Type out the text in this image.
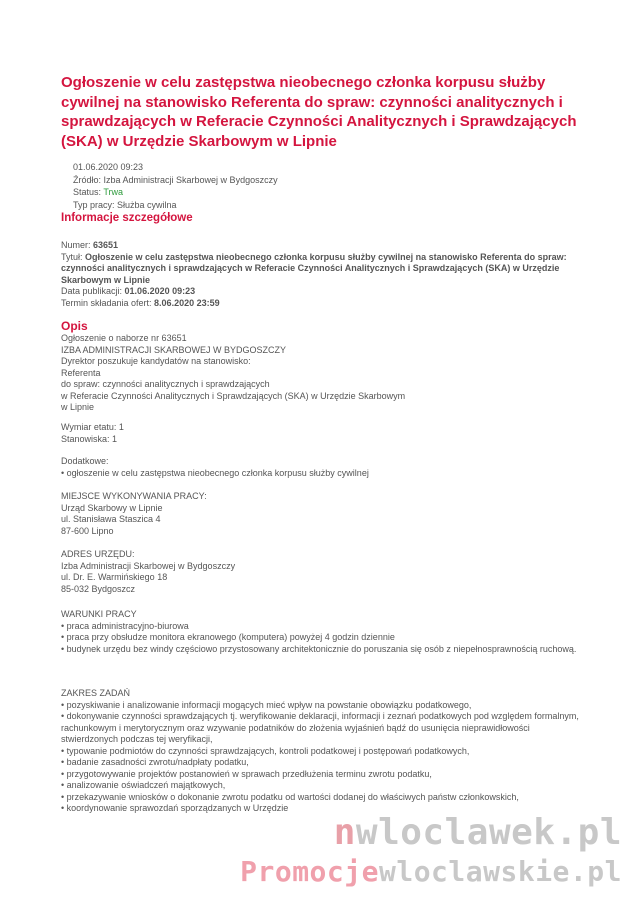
Ogłoszenie w celu zastępstwa nieobecnego członka korpusu służby cywilnej na stanowisko Referenta do spraw: czynności analitycznych i sprawdzających w Referacie Czynności Analitycznych i Sprawdzających (SKA) w Urzędzie Skarbowym w Lipnie
01.06.2020 09:23
Źródło: Izba Administracji Skarbowej w Bydgoszczy
Status: Trwa
Typ pracy: Służba cywilna
Informacje szczegółowe
Numer: 63651
Tytuł: Ogłoszenie w celu zastępstwa nieobecnego członka korpusu służby cywilnej na stanowisko Referenta do spraw: czynności analitycznych i sprawdzających w Referacie Czynności Analitycznych i Sprawdzających (SKA) w Urzędzie Skarbowym w Lipnie
Data publikacji: 01.06.2020 09:23
Termin składania ofert: 8.06.2020 23:59
Opis
Ogłoszenie o naborze nr 63651
IZBA ADMINISTRACJI SKARBOWEJ W BYDGOSZCZY
Dyrektor poszukuje kandydatów na stanowisko:
Referenta
do spraw: czynności analitycznych i sprawdzających
w Referacie Czynności Analitycznych i Sprawdzających (SKA) w Urzędzie Skarbowym
w Lipnie
Wymiar etatu: 1
Stanowiska: 1
Dodatkowe:
• ogłoszenie w celu zastępstwa nieobecnego członka korpusu służby cywilnej
MIEJSCE WYKONYWANIA PRACY:
Urząd Skarbowy w Lipnie
ul. Stanisława Staszica 4
87-600 Lipno
ADRES URZĘDU:
Izba Administracji Skarbowej w Bydgoszczy
ul. Dr. E. Warmińskiego 18
85-032 Bydgoszcz
WARUNKI PRACY
• praca administracyjno-biurowa
• praca przy obsłudze monitora ekranowego (komputera) powyżej 4 godzin dziennie
• budynek urzędu bez windy częściowo przystosowany architektonicznie do poruszania się osób z niepełnosprawnością ruchową.
ZAKRES ZADAŃ
• pozyskiwanie i analizowanie informacji mogących mieć wpływ na powstanie obowiązku podatkowego,
• dokonywanie czynności sprawdzających tj. weryfikowanie deklaracji, informacji i zeznań podatkowych pod względem formalnym, rachunkowym i merytorycznym oraz wzywanie podatników do złożenia wyjaśnień bądź do usunięcia nieprawidłowości stwierdzonych podczas tej weryfikacji,
• typowanie podmiotów do czynności sprawdzających, kontroli podatkowej i postępowań podatkowych,
• badanie zasadności zwrotu/nadpłaty podatku,
• przygotowywanie projektów postanowień w sprawach przedłużenia terminu zwrotu podatku,
• analizowanie oświadczeń majątkowych,
• przekazywanie wniosków o dokonanie zwrotu podatku od wartości dodanej do właściwych państw członkowskich,
• koordynowanie sprawozdań sporządzanych w Urzędzie
nwloclawek.pl
Promocjewloclawskie.pl
